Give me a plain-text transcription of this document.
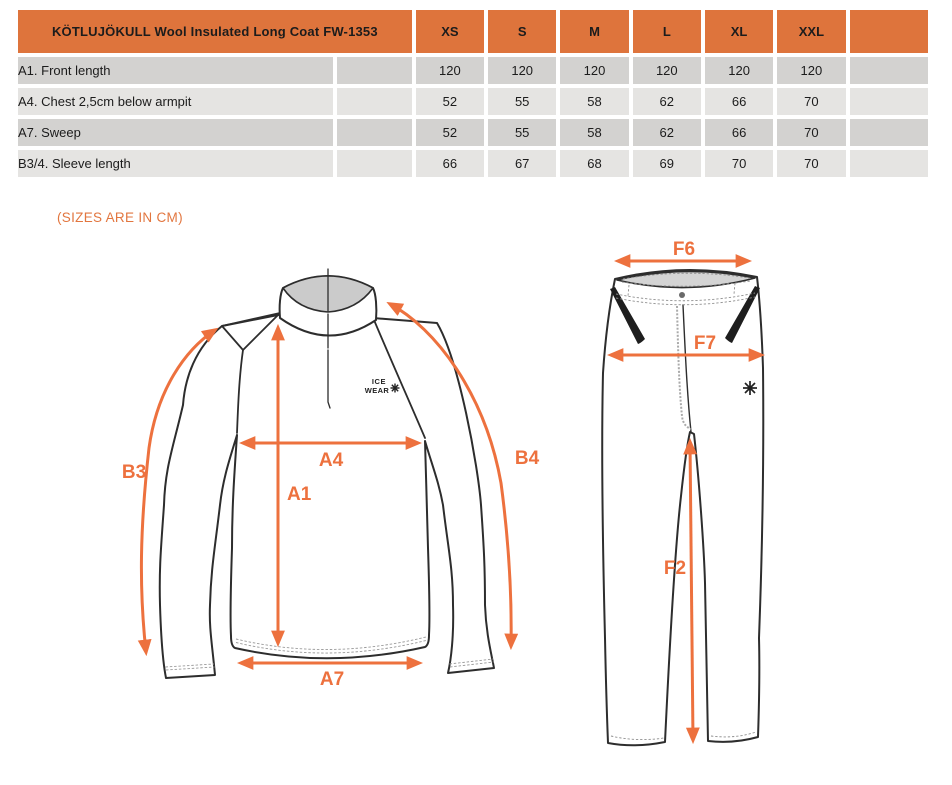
KÖTLUJÖKULL Wool Insulated Long Coat FW-1353		XS	S	M	L	XL	XXL	
A1. Front length		120	120	120	120	120	120	
A4. Chest 2,5cm below armpit		52	55	58	62	66	70	
A7. Sweep		52	55	58	62	66	70	
B3/4. Sleeve length		66	67	68	69	70	70	
(SIZES ARE IN CM)
ICE
WEAR
A1
A4
A7
B3
B4
F6
F7
F2
